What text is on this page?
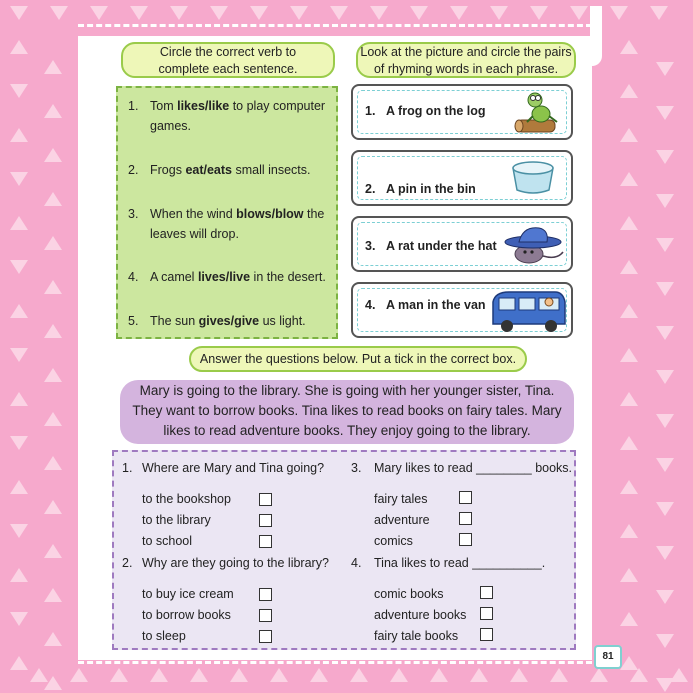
Circle the correct verb to
complete each sentence.
1. Tom likes/like to play computer games.
2. Frogs eat/eats small insects.
3. When the wind blows/blow the leaves will drop.
4. A camel lives/live in the desert.
5. The sun gives/give us light.
Look at the picture and circle the pairs
of rhyming words in each phrase.
1. A frog on the log
2. A pin in the bin
3. A rat under the hat
4. A man in the van
Answer the questions below. Put a tick in the correct box.
Mary is going to the library. She is going with her younger sister, Tina.
They want to borrow books. Tina likes to read books on fairy tales. Mary
likes to read adventure books. They enjoy going to the library.
1. Where are Mary and Tina going?
to the bookshop
to the library
to school
2. Why are they going to the library?
to buy ice cream
to borrow books
to sleep
3. Mary likes to read ________ books.
fairy tales
adventure
comics
4. Tina likes to read __________.
comic books
adventure books
fairy tale books
81
